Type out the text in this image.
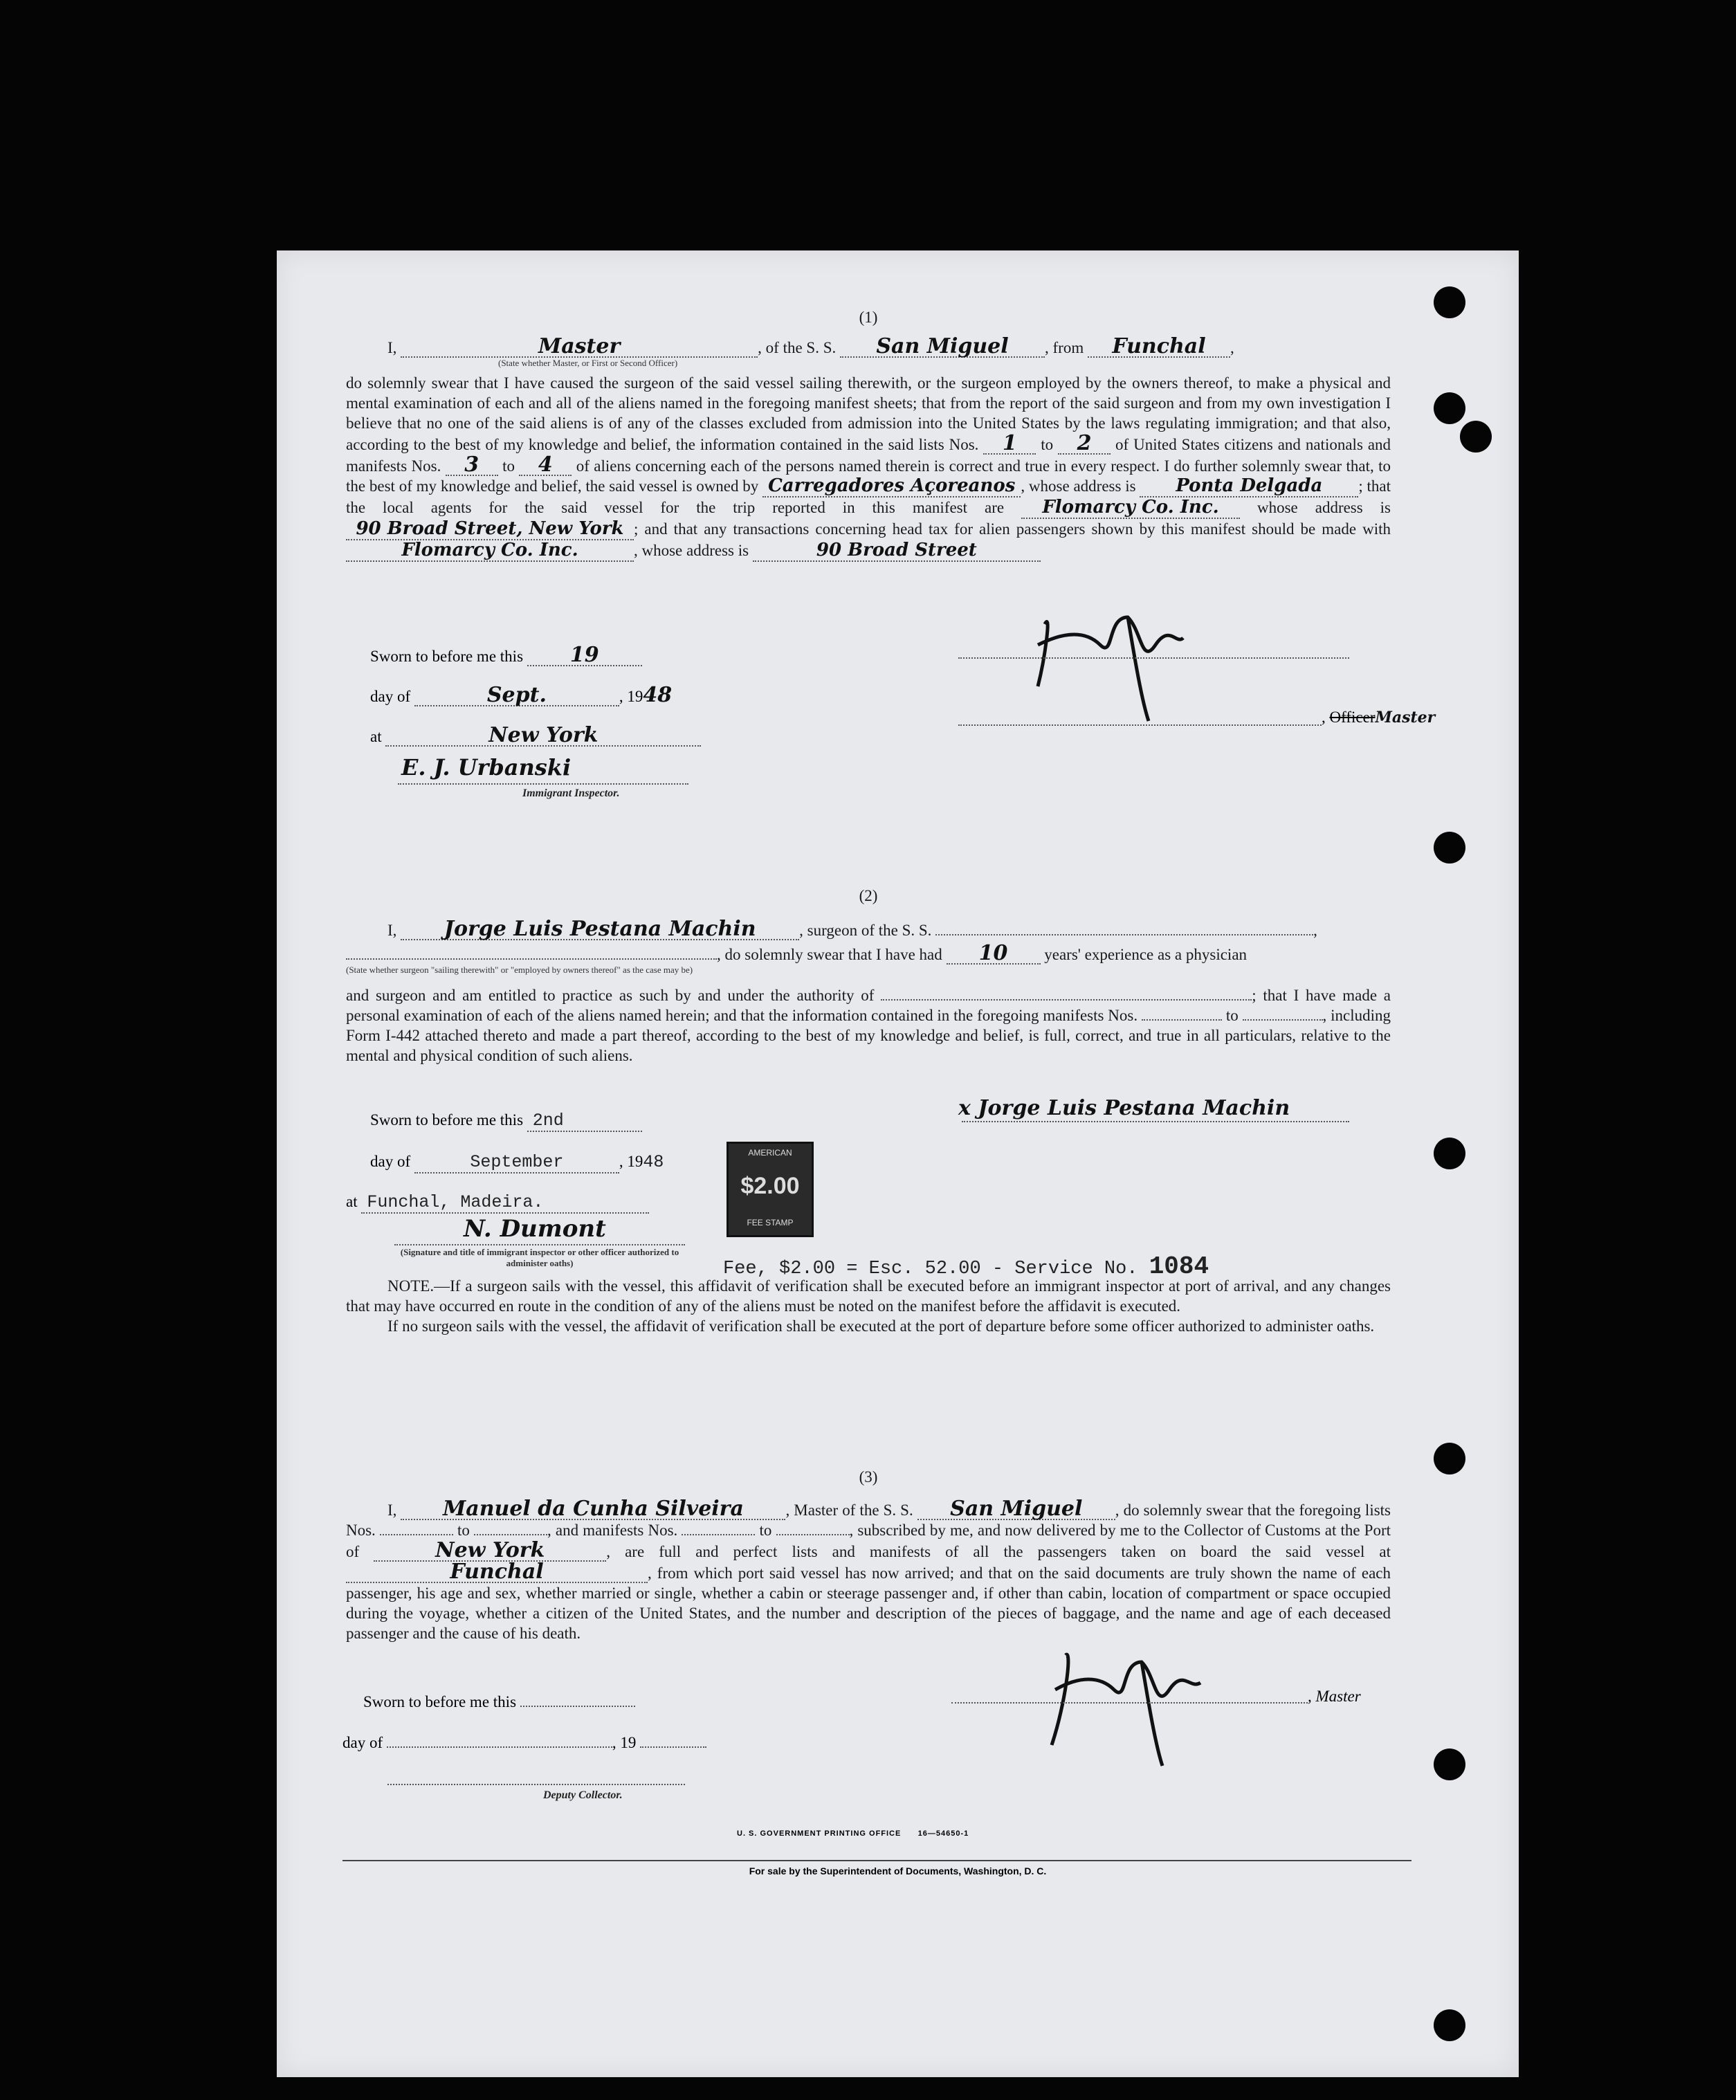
(1)
I,	Master	, of the S. S. San Miguel , from Funchal ,
(State whether Master, or First or Second Officer)
do solemnly swear that I have caused the surgeon of the said vessel sailing therewith, or the surgeon employed by the owners thereof, to make a physical and mental examination of each and all of the aliens named in the foregoing manifest sheets; that from the report of the said surgeon and from my own investigation I believe that no one of the said aliens is of any of the classes excluded from admission into the United States by the laws regulating immigration; and that also, according to the best of my knowledge and belief, the information contained in the said lists Nos. 1 to 2 of United States citizens and nationals and manifests Nos. 3 to 4 of aliens concerning each of the persons named therein is correct and true in every respect. I do further solemnly swear that, to the best of my knowledge and belief, the said vessel is owned by Carregadores Açoreanos , whose address is Ponta Delgada ; that the local agents for the said vessel for the trip reported in this manifest are Flomarcy Co. Inc. whose address is 90 Broad Street, New York ; and that any transactions concerning head tax for alien passengers shown by this manifest should be made with Flomarcy Co. Inc.	, whose address is	90 Broad Street
Sworn to before me this 19
day of	Sept.	, 1948
at	New York
E. J. Urbanski
Immigrant Inspector.
, OfficerMaster
(2)
I, Jorge Luis Pestana Machin	, surgeon of the S. S.	,
, do solemnly swear that I have had 10 years' experience as a physician
(State whether surgeon "sailing therewith" or "employed by owners thereof" as the case may be)
and surgeon and am entitled to practice as such by and under the authority of	; that I have made a personal examination of each of the aliens named herein; and that the information contained in the foregoing manifests Nos.	to	, including Form I-442 attached thereto and made a part thereof, according to the best of my knowledge and belief, is full, correct, and true in all particulars, relative to the mental and physical condition of such aliens.
Sworn to before me this 2nd
day of	September	, 1948
at Funchal, Madeira.
N. Dumont
(Signature and title of immigrant inspector or other officer authorized to administer oaths)
AMERICAN
$2.00
FEE STAMP
x Jorge Luis Pestana Machin
Fee, $2.00 = Esc. 52.00 - Service No. 1084
NOTE.—If a surgeon sails with the vessel, this affidavit of verification shall be executed before an immigrant inspector at port of arrival, and any changes that may have occurred en route in the condition of any of the aliens must be noted on the manifest before the affidavit is executed.
If no surgeon sails with the vessel, the affidavit of verification shall be executed at the port of departure before some officer authorized to administer oaths.
(3)
I, Manuel da Cunha Silveira	, Master of the S. S. San Miguel , do solemnly swear that the foregoing lists Nos.	to	, and manifests Nos.	to	, subscribed by me, and now delivered by me to the Collector of Customs at the Port of	New York	, are full and perfect lists and manifests of all the passengers taken on board the said vessel at Funchal	, from which port said vessel has now arrived; and that on the said documents are truly shown the name of each passenger, his age and sex, whether married or single, whether a cabin or steerage passenger and, if other than cabin, location of compartment or space occupied during the voyage, whether a citizen of the United States, and the number and description of the pieces of baggage, and the name and age of each deceased passenger and the cause of his death.
Sworn to before me this
day of	, 19
Deputy Collector.
, Master
U. S. GOVERNMENT PRINTING OFFICE      16—54650-1
For sale by the Superintendent of Documents, Washington, D. C.
